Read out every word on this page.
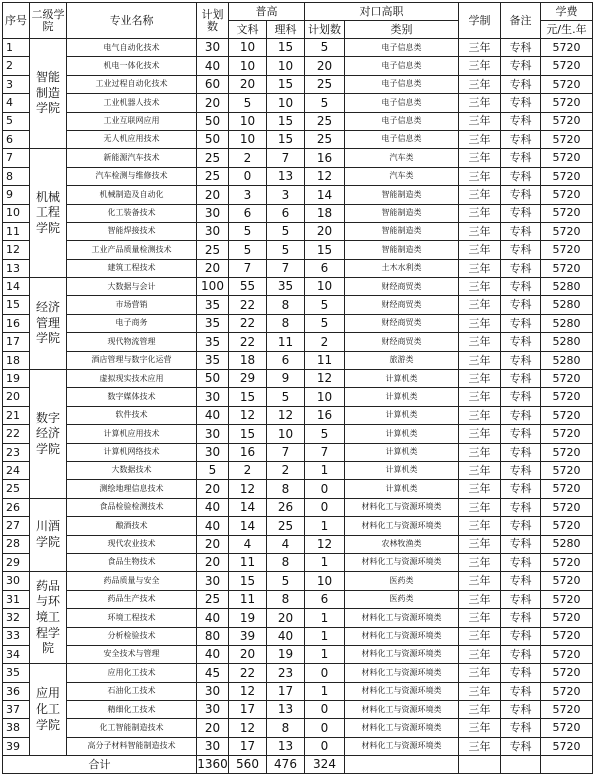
序号	二级学院	专业名称	计划数	普高		对口高职		学制	备注	学费
				文科	理科	计划数	类别			元/生.年
1	智能制造学院	电气自动化技术	30	10	15	5	电子信息类	三年	专科	5720
2		机电一体化技术	40	10	10	20	电子信息类	三年	专科	5720
3		工业过程自动化技术	60	20	15	25	电子信息类	三年	专科	5720
4		工业机器人技术	20	5	10	5	电子信息类	三年	专科	5720
5		工业互联网应用	50	10	15	25	电子信息类	三年	专科	5720
6		无人机应用技术	50	10	15	25	电子信息类	三年	专科	5720
7	机械工程学院	新能源汽车技术	25	2	7	16	汽车类	三年	专科	5720
8		汽车检测与维修技术	25	0	13	12	汽车类	三年	专科	5720
9		机械制造及自动化	20	3	3	14	智能制造类	三年	专科	5720
10		化工装备技术	30	6	6	18	智能制造类	三年	专科	5720
11		智能焊接技术	30	5	5	20	智能制造类	三年	专科	5720
12		工业产品质量检测技术	25	5	5	15	智能制造类	三年	专科	5720
13		建筑工程技术	20	7	7	6	土木水利类	三年	专科	5720
14	经济管理学院	大数据与会计	100	55	35	10	财经商贸类	三年	专科	5280
15		市场营销	35	22	8	5	财经商贸类	三年	专科	5280
16		电子商务	35	22	8	5	财经商贸类	三年	专科	5280
17		现代物流管理	35	22	11	2	财经商贸类	三年	专科	5280
18		酒店管理与数字化运营	35	18	6	11	旅游类	三年	专科	5280
19	数字经济学院	虚拟现实技术应用	50	29	9	12	计算机类	三年	专科	5720
20		数字媒体技术	30	15	5	10	计算机类	三年	专科	5720
21		软件技术	40	12	12	16	计算机类	三年	专科	5720
22		计算机应用技术	30	15	10	5	计算机类	三年	专科	5720
23		计算机网络技术	30	16	7	7	计算机类	三年	专科	5720
24		大数据技术	5	2	2	1	计算机类	三年	专科	5720
25		测绘地理信息技术	20	12	8	0	计算机类	三年	专科	5720
26	川酒学院	食品检验检测技术	40	14	26	0	材料化工与资源环境类	三年	专科	5720
27		酿酒技术	40	14	25	1	材料化工与资源环境类	三年	专科	5720
28		现代农业技术	20	4	4	12	农林牧渔类	三年	专科	5280
29		食品生物技术	20	11	8	1	材料化工与资源环境类	三年	专科	5720
30	药品与环境工程学院	药品质量与安全	30	15	5	10	医药类	三年	专科	5720
31		药品生产技术	25	11	8	6	医药类	三年	专科	5720
32		环境工程技术	40	19	20	1	材料化工与资源环境类	三年	专科	5720
33		分析检验技术	80	39	40	1	材料化工与资源环境类	三年	专科	5720
34		安全技术与管理	40	20	19	1	材料化工与资源环境类	三年	专科	5720
35	应用化工学院	应用化工技术	45	22	23	0	材料化工与资源环境类	三年	专科	5720
36		石油化工技术	30	12	17	1	材料化工与资源环境类	三年	专科	5720
37		精细化工技术	30	17	13	0	材料化工与资源环境类	三年	专科	5720
38		化工智能制造技术	20	12	8	0	材料化工与资源环境类	三年	专科	5720
39		高分子材料智能制造技术	30	17	13	0	材料化工与资源环境类	三年	专科	5720
合计			1360	560	476	324				
